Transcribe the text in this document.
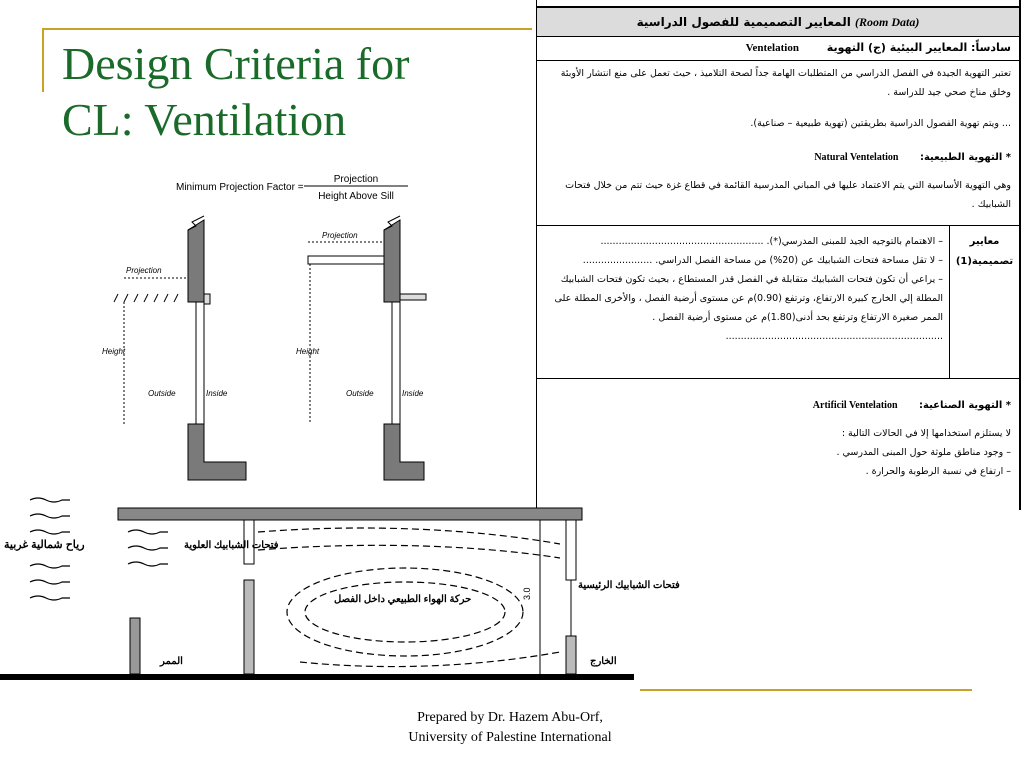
Design Criteria for
CL: Ventilation
Minimum Projection Factor =
Projection
Height Above Sill
Projection
Height
Outside	Inside
Projection
Height
Outside	Inside
المعايير التصميمية للفصول الدراسية (Room Data)
سادساً: المعايير البيئية (ج) التهوية Ventelation
تعتبر التهوية الجيدة في الفصل الدراسي من المتطلبات الهامة جداً لصحة التلاميذ ، حيث تعمل على منع انتشار الأوبئة وخلق مناخ صحي جيد للدراسة .
... ويتم تهوية الفصول الدراسية بطريقتين (تهوية طبيعية – صناعية).
* التهوية الطبيعية: Natural Ventelation
وهي التهوية الأساسية التي يتم الاعتماد عليها في المباني المدرسية القائمة في قطاع غزة حيث تتم من خلال فتحات الشبابيك .
معايير تصميمية(1)
– الاهتمام بالتوجيه الجيد للمبنى المدرسي(*). ......................................................
– لا تقل مساحة فتحات الشبابيك عن (20%) من مساحة الفصل الدراسي. .......................
– يراعي أن تكون فتحات الشبابيك متقابلة في الفصل قدر المستطاع ، بحيث تكون فتحات الشبابيك المطلة إلي الخارج كبيرة الارتفاع، وترتفع (0.90)م عن مستوى أرضية الفصل ، والأخرى المطلة على الممر صغيرة الارتفاع وترتفع بحد أدنى(1.80)م عن مستوى أرضية الفصل . ........................................................................
* التهوية الصناعية: Artificil Ventelation
لا يستلزم استخدامها إلا في الحالات التالية :
– وجود مناطق ملوثة حول المبنى المدرسي .
– ارتفاع في نسبة الرطوبة والحرارة .
3.0
رياح شمالية غربية	فتحات الشبابيك العلوية
حركة الهواء الطبيعي داخل الفصل
فتحات الشبابيك الرئيسية
الممر	الخارج
Prepared by Dr. Hazem Abu-Orf,
University of Palestine International
